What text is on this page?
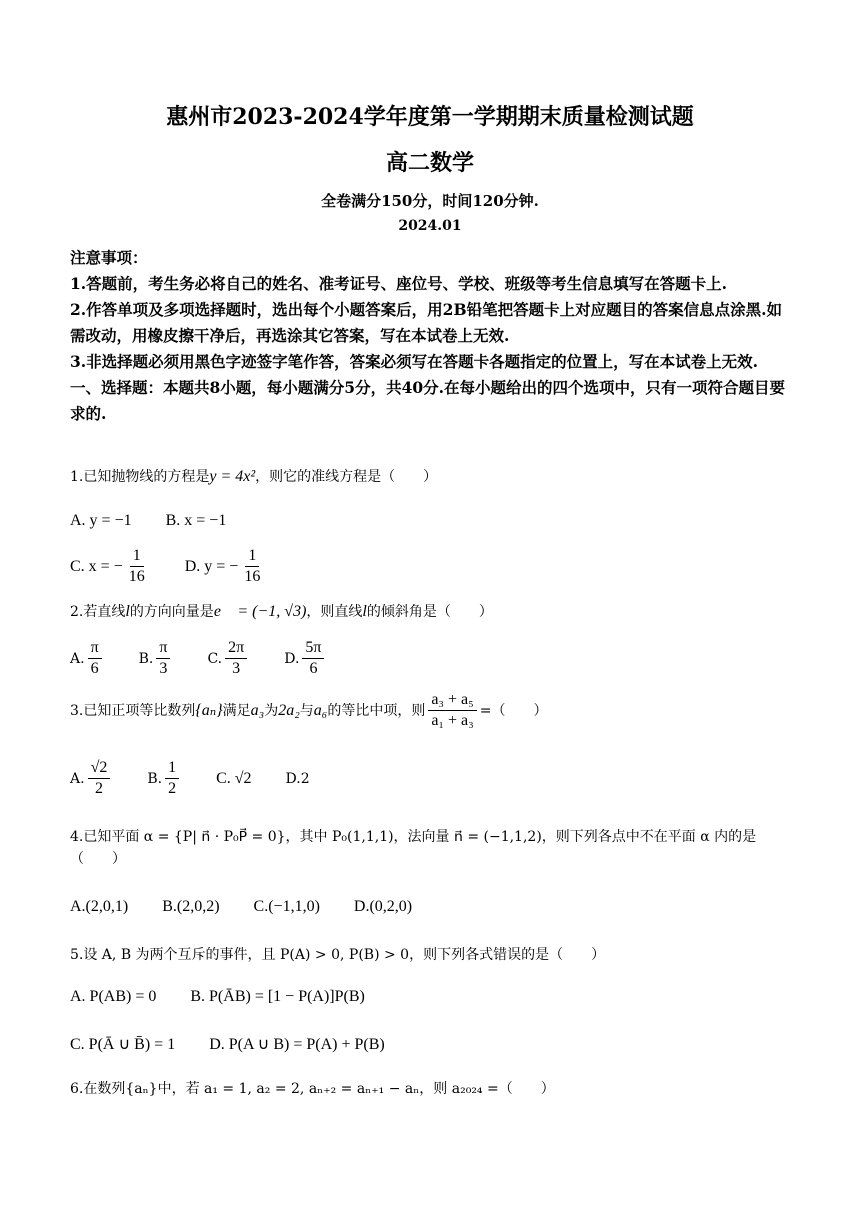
惠州市2023-2024学年度第一学期期末质量检测试题
高二数学
全卷满分150分，时间120分钟.
2024.01

注意事项：

1.答题前，考生务必将自己的姓名、准考证号、座位号、学校、班级等考生信息填写在答题卡上.

2.作答单项及多项选择题时，选出每个小题答案后，用2B铅笔把答题卡上对应题目的答案信息点涂黑.如需改动，用橡皮擦干净后，再选涂其它答案，写在本试卷上无效.

3.非选择题必须用黑色字迹签字笔作答，答案必须写在答题卡各题指定的位置上，写在本试卷上无效.

一、选择题：本题共8小题，每小题满分5分，共40分.在每小题给出的四个选项中，只有一项符合题目要求的.

1.已知抛物线的方程是y = 4x²，则它的准线方程是（　　）
A. y = −1 B. x = −1
C. x = − $\frac{1}{16} D$. y = − $\frac{1}{16}$
2.若直线l的方向向量是e⃗ = (−1, √3)，则直线l的倾斜角是（　　）
A. $\frac{\pi}{6}$	B. $\frac{\pi}{3}$	C. $\frac{2\pi}{3}$	D. $\frac{5\pi}{6}$
3.已知正项等比数列 {aₙ} 满足 a₃ 为 2a₂ 与 a₆ 的等比中项，则 $\frac{\text{a₃ + a₅}}{\text{a₁ + a₃}}$ =（　　）
A. $\frac{√2}{2}$	B. $\frac{1}{2} C$. √2 D.2
4.已知平面 α = {P| n⃗ · P₀P⃗ = 0}，其中 P₀(1,1,1)，法向量 n⃗ = (−1,1,2)，则下列各点中不在平面 α 内的是
（　　）
A.(2,0,1) B.(2,0,2) C.(−1,1,0) D.(0,2,0)
5.设 A, B 为两个互斥的事件，且 P(A) > 0, P(B) > 0，则下列各式错误的是（　　）
A. P(AB) = 0 B. P(ĀB) = [1 − P(A)]P(B)
C. P(Ā ∪ B̄) = 1 D. P(A ∪ B) = P(A) + P(B)
6.在数列{aₙ}中，若 a₁ = 1, a₂ = 2, aₙ₊₂ = aₙ₊₁ − aₙ，则 a₂₀₂₄ =（　　）
